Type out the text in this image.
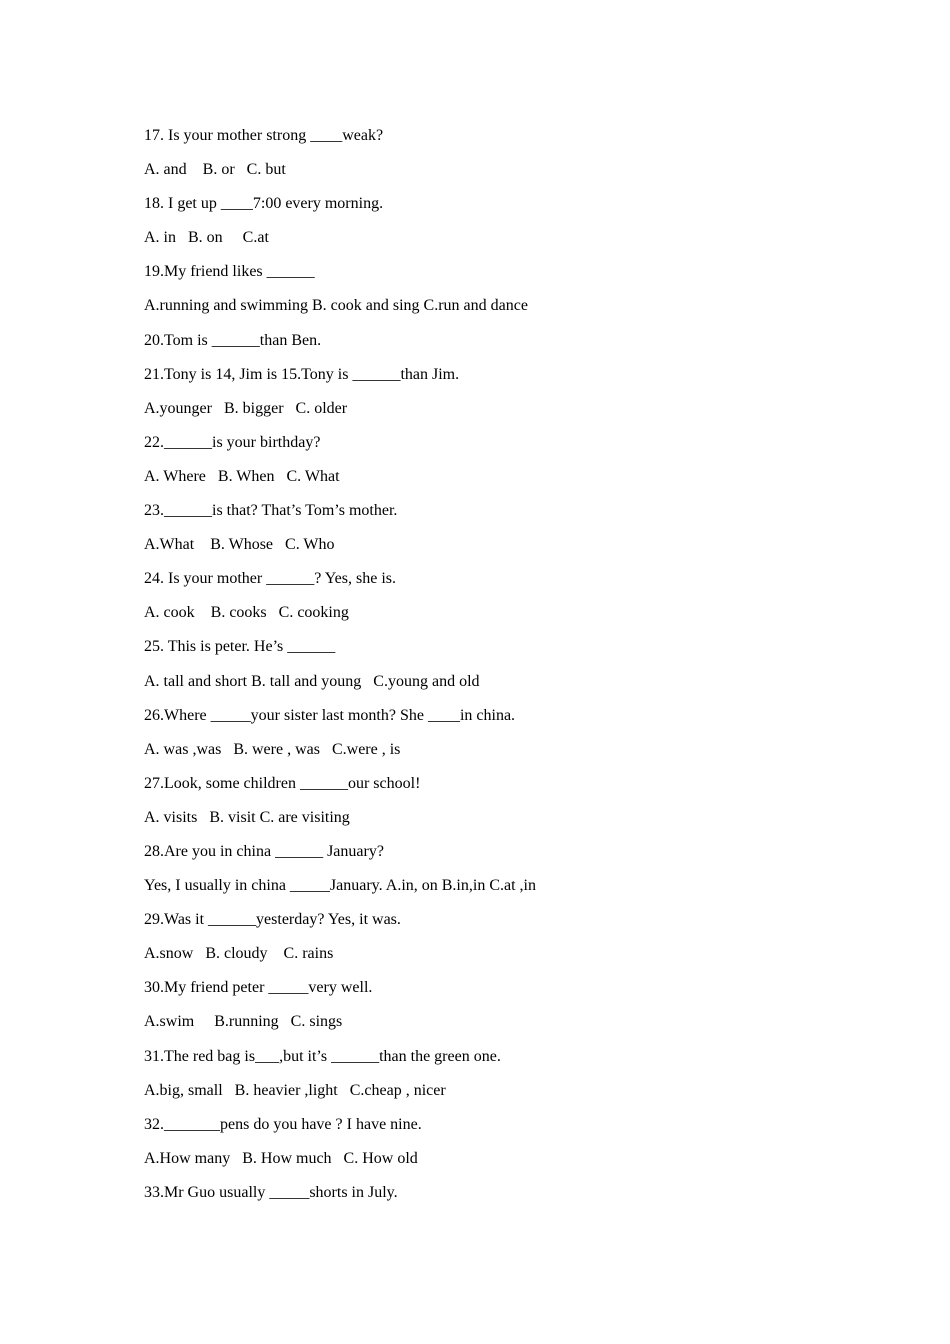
17. Is your mother strong ____weak?
A. and    B. or   C. but
18. I get up ____7:00 every morning.
A. in   B. on     C.at
19.My friend likes ______
A.running and swimming B. cook and sing C.run and dance
20.Tom is ______than Ben.
21.Tony is 14, Jim is 15.Tony is ______than Jim.
A.younger   B. bigger   C. older
22.______is your birthday?
A. Where   B. When   C. What
23.______is that? That’s Tom’s mother.
A.What    B. Whose   C. Who
24. Is your mother ______? Yes, she is.
A. cook    B. cooks   C. cooking
25. This is peter. He’s ______
A. tall and short B. tall and young   C.young and old
26.Where _____your sister last month? She ____in china.
A. was ,was   B. were , was   C.were , is
27.Look, some children ______our school!
A. visits   B. visit C. are visiting
28.Are you in china ______ January?
Yes, I usually in china _____January. A.in, on B.in,in C.at ,in
29.Was it ______yesterday? Yes, it was.
A.snow   B. cloudy    C. rains
30.My friend peter _____very well.
A.swim     B.running   C. sings
31.The red bag is___,but it’s ______than the green one.
A.big, small   B. heavier ,light   C.cheap , nicer
32._______pens do you have ? I have nine.
A.How many   B. How much   C. How old
33.Mr Guo usually _____shorts in July.
